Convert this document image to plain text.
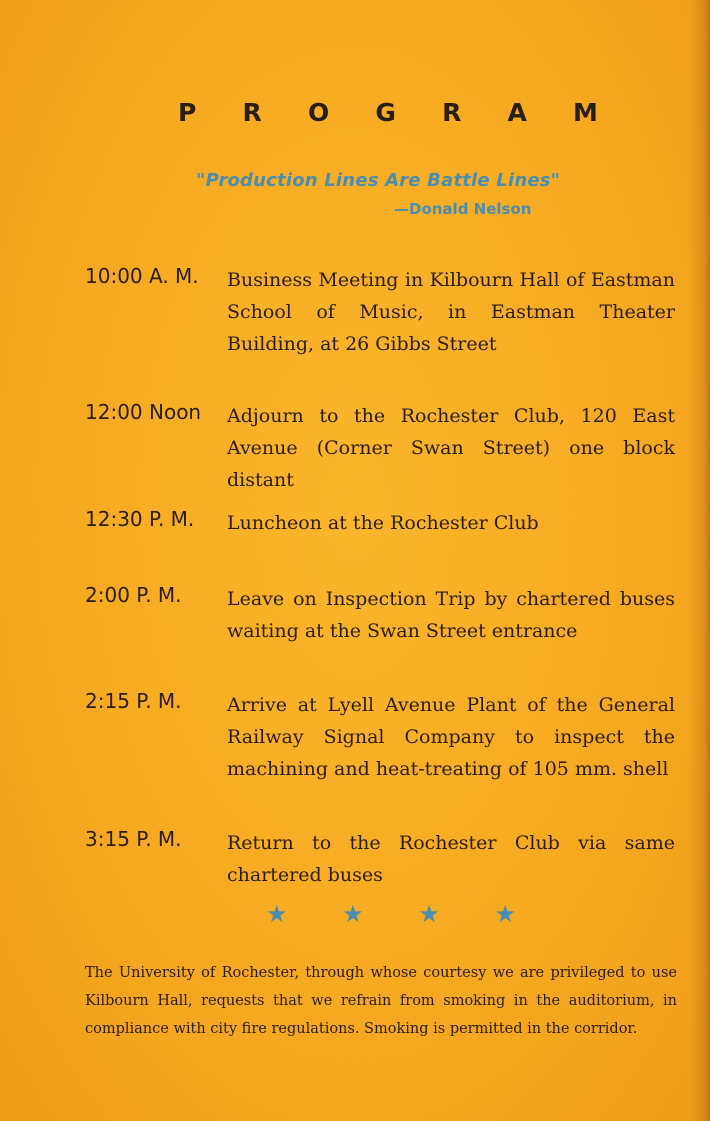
P R O G R A M
"Production Lines Are Battle Lines"
—Donald Nelson
10:00 A. M. Business Meeting in Kilbourn Hall of Eastman School of Music, in Eastman Theater Building, at 26 Gibbs Street
12:00 Noon Adjourn to the Rochester Club, 120 East Avenue (Corner Swan Street) one block distant
12:30 P. M. Luncheon at the Rochester Club
2:00 P. M. Leave on Inspection Trip by chartered buses waiting at the Swan Street entrance
2:15 P. M. Arrive at Lyell Avenue Plant of the General Railway Signal Company to inspect the machining and heat-treating of 105 mm. shell
3:15 P. M. Return to the Rochester Club via same chartered buses
★ ★ ★ ★

The University of Rochester, through whose courtesy we are privileged to use Kilbourn Hall, requests that we refrain from smoking in the auditorium, in compliance with city fire regulations. Smoking is permitted in the corridor.
